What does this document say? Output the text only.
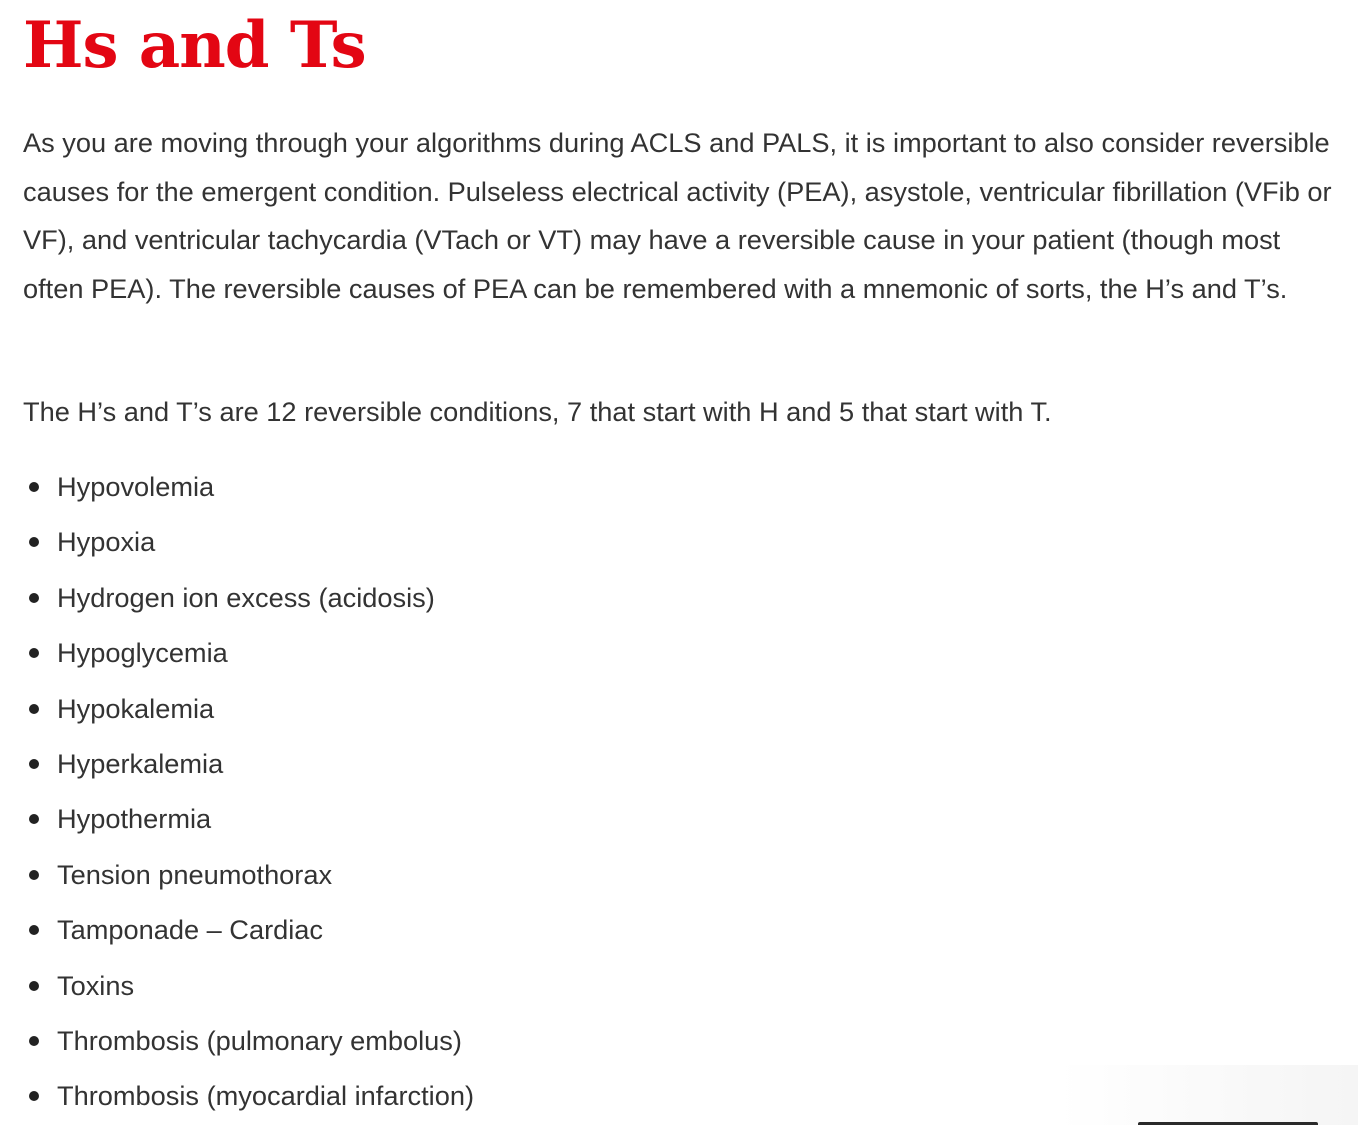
Hs and Ts

As you are moving through your algorithms during ACLS and PALS, it is important to also consider reversible causes for the emergent condition. Pulseless electrical activity (PEA), asystole, ventricular fibrillation (VFib or VF), and ventricular tachycardia (VTach or VT) may have a reversible cause in your patient (though most often PEA). The reversible causes of PEA can be remembered with a mnemonic of sorts, the H’s and T’s.

The H’s and T’s are 12 reversible conditions, 7 that start with H and 5 that start with T.

Hypovolemia
Hypoxia
Hydrogen ion excess (acidosis)
Hypoglycemia
Hypokalemia
Hyperkalemia
Hypothermia
Tension pneumothorax
Tamponade – Cardiac
Toxins
Thrombosis (pulmonary embolus)
Thrombosis (myocardial infarction)
